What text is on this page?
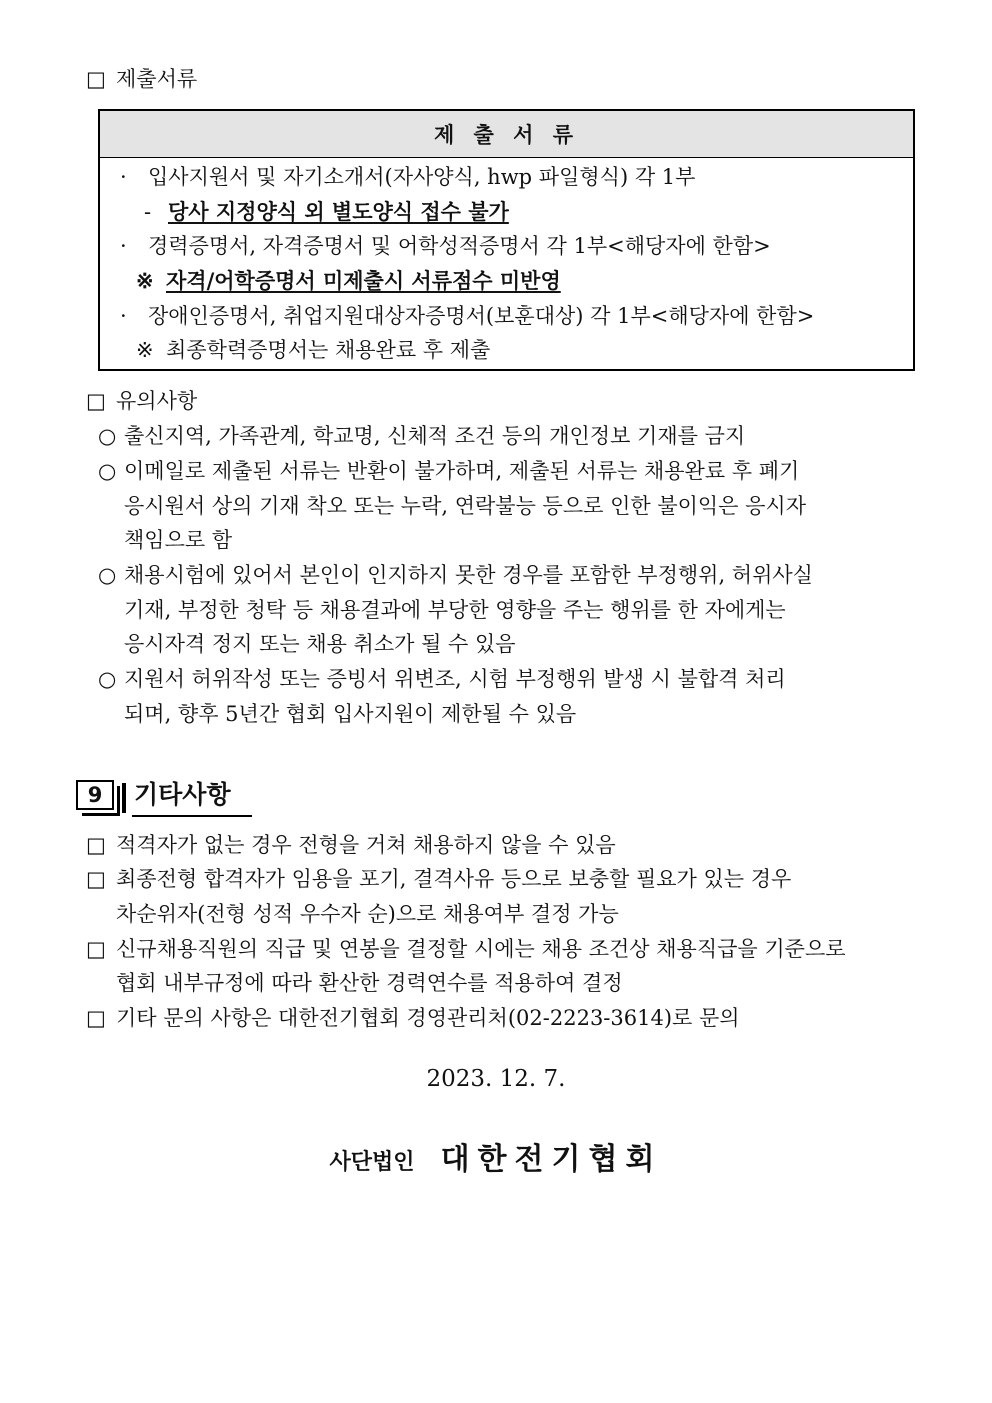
□ 제출서류
제 출 서 류
· 입사지원서 및 자기소개서(자사양식, hwp 파일형식) 각 1부
- 당사 지정양식 외 별도양식 접수 불가
· 경력증명서, 자격증명서 및 어학성적증명서 각 1부<해당자에 한함>
※ 자격/어학증명서 미제출시 서류점수 미반영
· 장애인증명서, 취업지원대상자증명서(보훈대상) 각 1부<해당자에 한함>
※ 최종학력증명서는 채용완료 후 제출
□ 유의사항
○ 출신지역, 가족관계, 학교명, 신체적 조건 등의 개인정보 기재를 금지
○ 이메일로 제출된 서류는 반환이 불가하며, 제출된 서류는 채용완료 후 폐기
응시원서 상의 기재 착오 또는 누락, 연락불능 등으로 인한 불이익은 응시자
책임으로 함
○ 채용시험에 있어서 본인이 인지하지 못한 경우를 포함한 부정행위, 허위사실
기재, 부정한 청탁 등 채용결과에 부당한 영향을 주는 행위를 한 자에게는
응시자격 정지 또는 채용 취소가 될 수 있음
○ 지원서 허위작성 또는 증빙서 위변조, 시험 부정행위 발생 시 불합격 처리
되며, 향후 5년간 협회 입사지원이 제한될 수 있음
9	기타사항
□ 적격자가 없는 경우 전형을 거쳐 채용하지 않을 수 있음
□ 최종전형 합격자가 임용을 포기, 결격사유 등으로 보충할 필요가 있는 경우
차순위자(전형 성적 우수자 순)으로 채용여부 결정 가능
□ 신규채용직원의 직급 및 연봉을 결정할 시에는 채용 조건상 채용직급을 기준으로
협회 내부규정에 따라 환산한 경력연수를 적용하여 결정
□ 기타 문의 사항은 대한전기협회 경영관리처(02-2223-3614)로 문의
2023. 12. 7.
사단법인 대한전기협회
